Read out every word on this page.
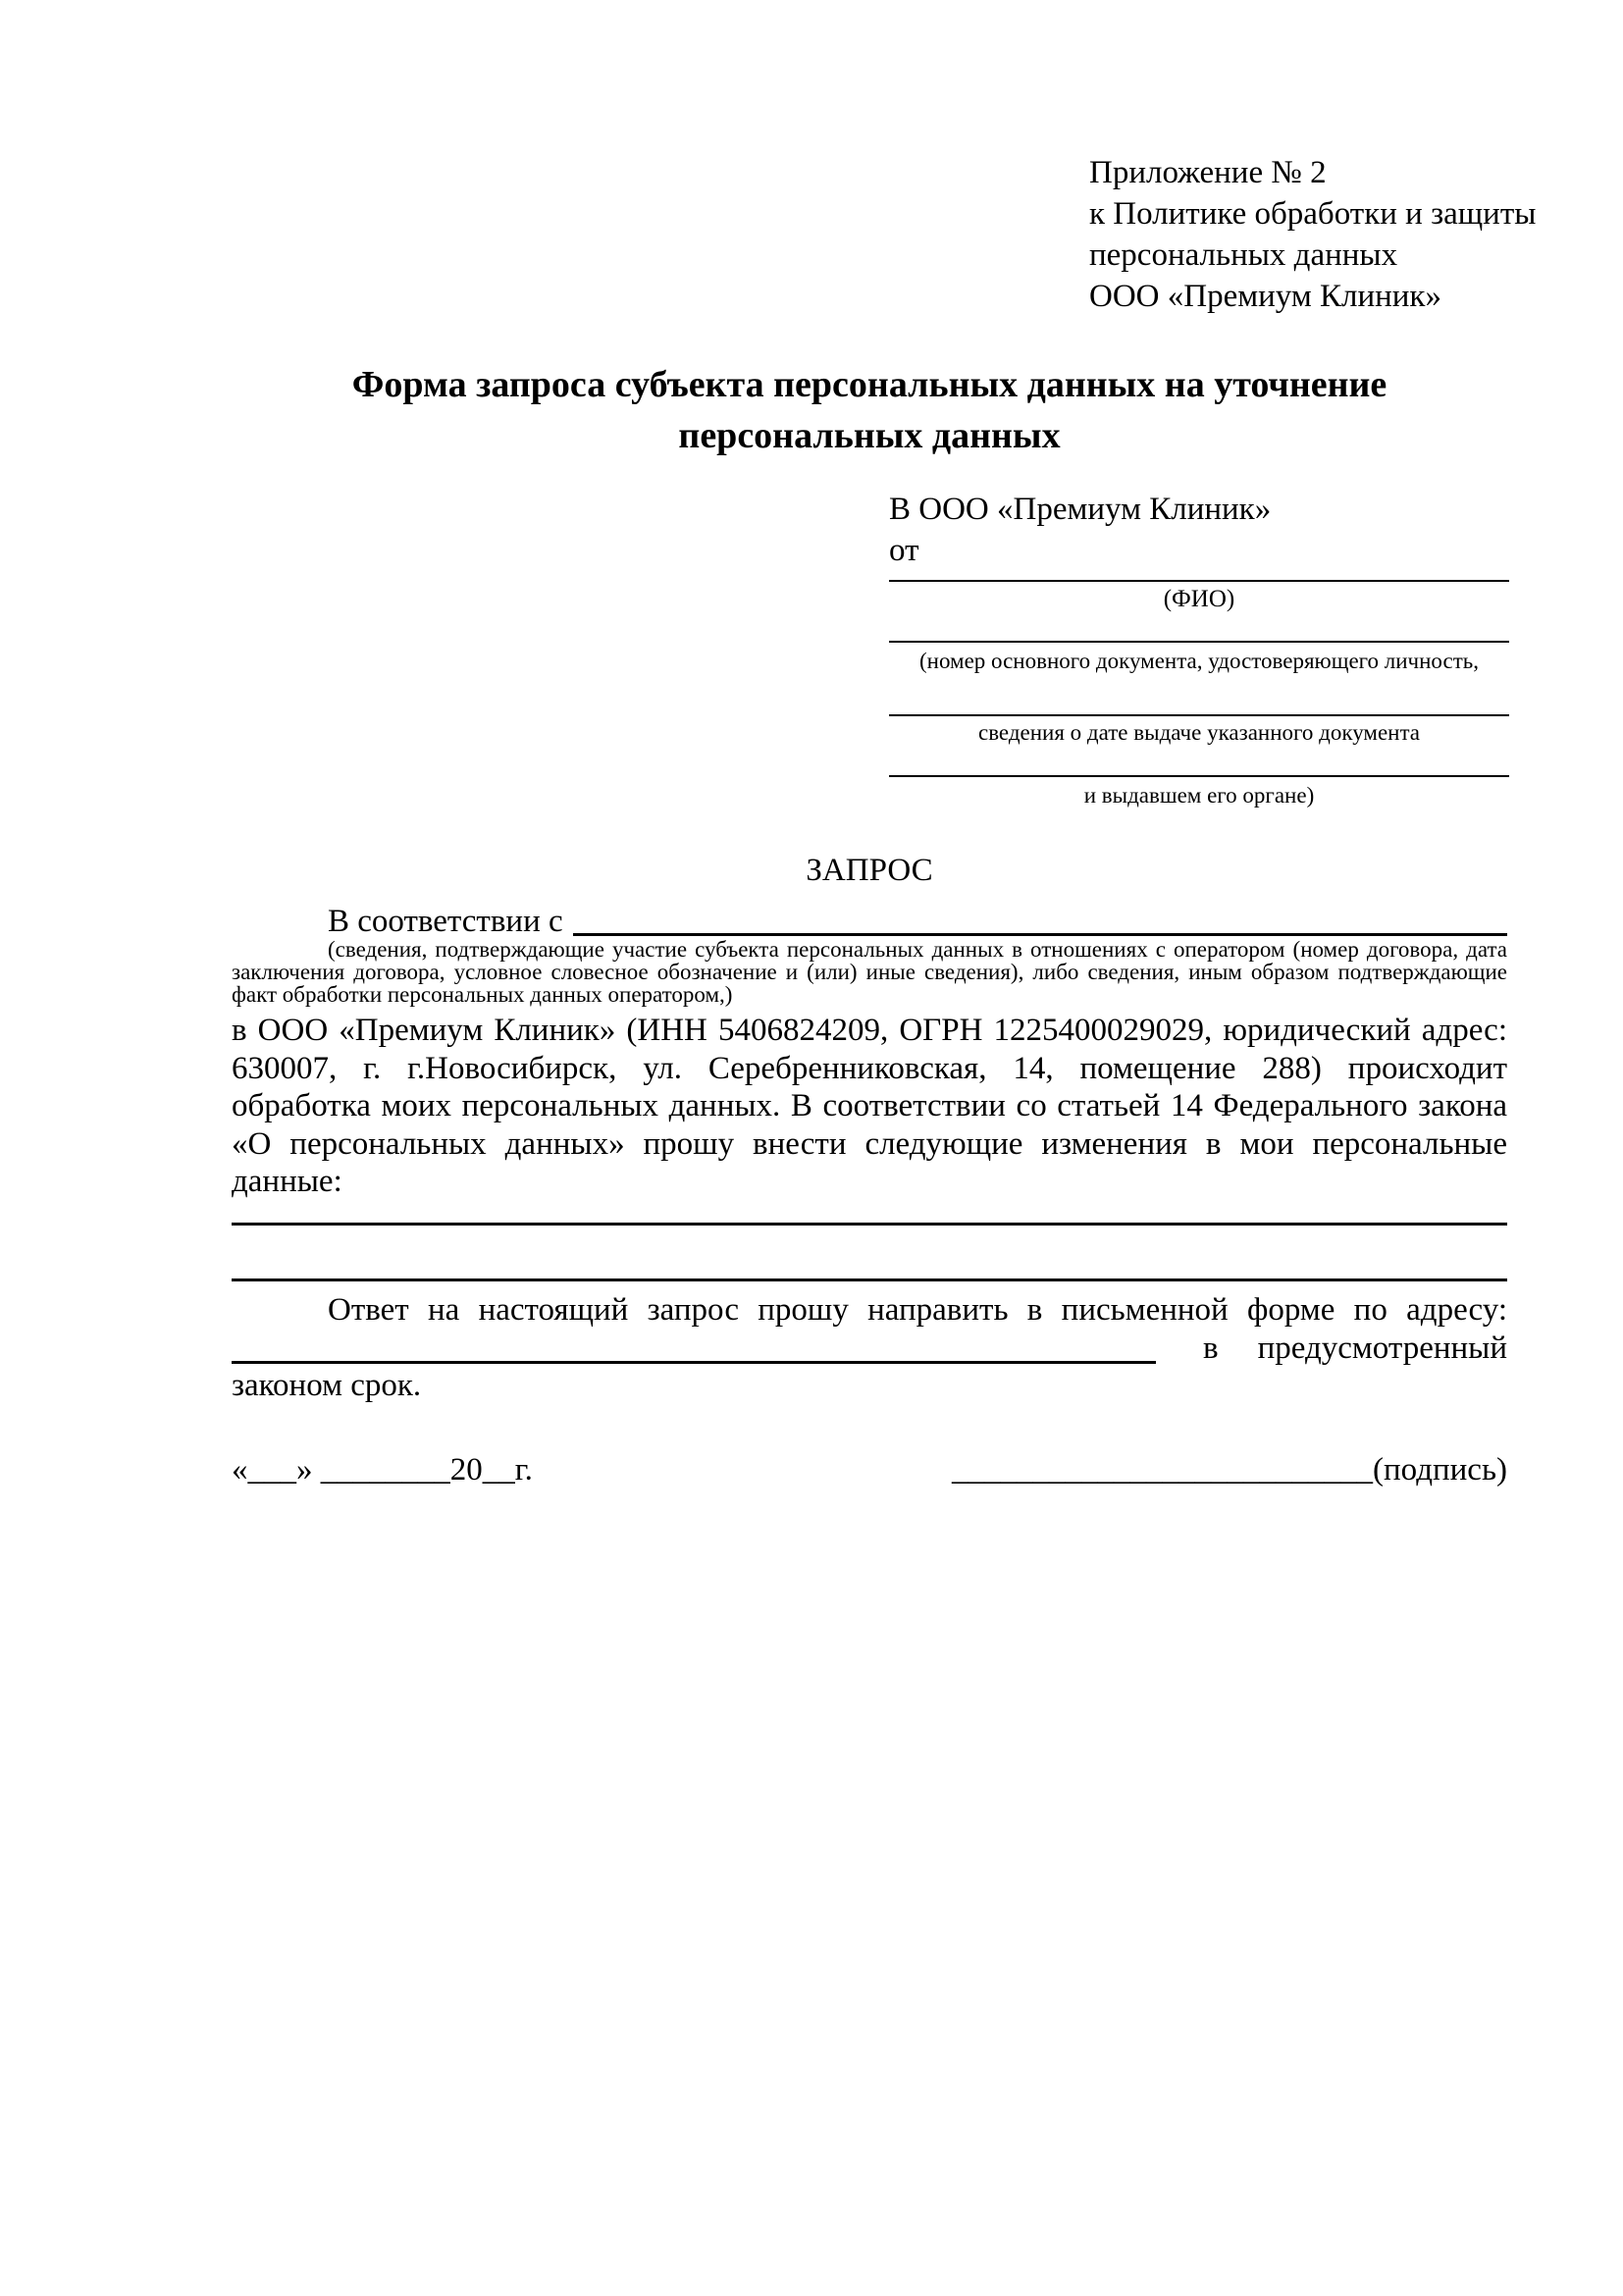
Приложение № 2
к Политике обработки и защиты
персональных данных
ООО «Премиум Клиник»
Форма запроса субъекта персональных данных на уточнение персональных данных
В ООО «Премиум Клиник»
от
(ФИО)
(номер основного документа, удостоверяющего личность,
сведения о дате выдаче указанного документа
и выдавшем его органе)
ЗАПРОС
В соответствии с
(сведения, подтверждающие участие субъекта персональных данных в отношениях с оператором (номер договора, дата заключения договора, условное словесное обозначение и (или) иные сведения), либо сведения, иным образом подтверждающие факт обработки персональных данных оператором,)
в ООО «Премиум Клиник» (ИНН 5406824209, ОГРН 1225400029029, юридический адрес: 630007, г. г.Новосибирск, ул. Серебренниковская, 14, помещение 288) происходит обработка моих персональных данных. В соответствии со статьей 14 Федерального закона «О персональных данных» прошу внести следующие изменения в мои персональные данные:
Ответ на настоящий запрос прошу направить в письменной форме по адресу:
в предусмотренный
законом срок.
«___» ________20__г.	__________________________(подпись)
